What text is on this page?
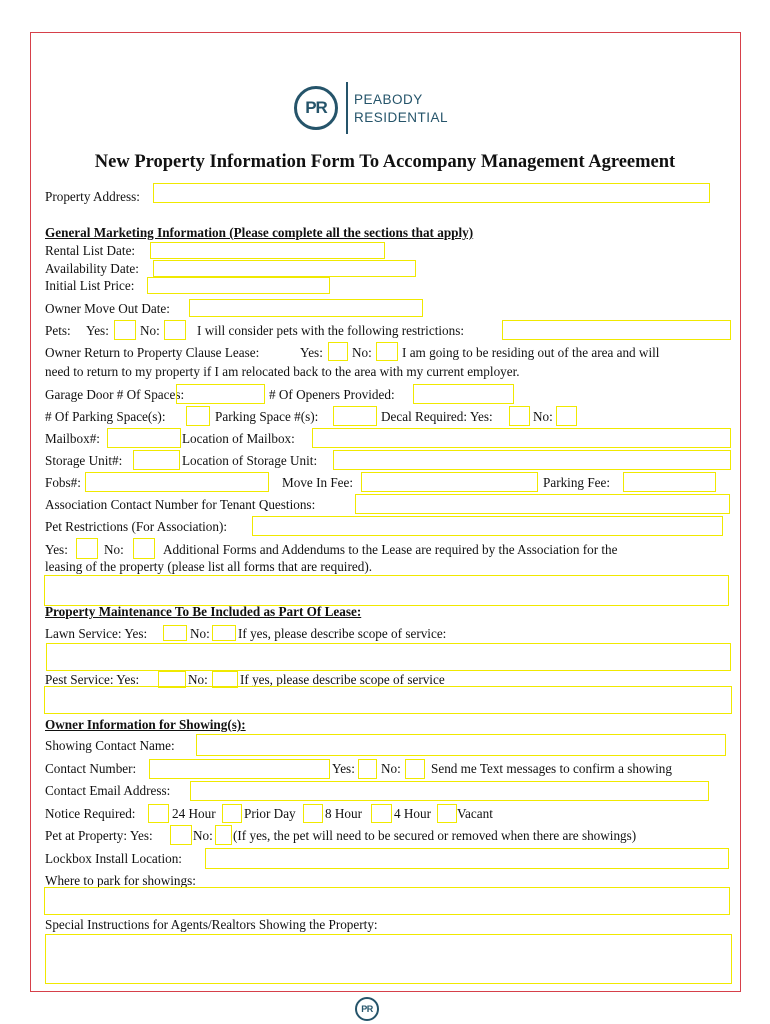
PR	PEABODY
RESIDENTIAL
New Property Information Form To Accompany Management Agreement
Property Address:
General Marketing Information (Please complete all the sections that apply)
Rental List Date:
Availability Date:
Initial List Price:
Owner Move Out Date:
Pets: Yes: No:	I will consider pets with the following restrictions:
Owner Return to Property Clause Lease:	Yes: No: I am going to be residing out of the area and will
need to return to my property if I am relocated back to the area with my current employer.
Garage Door # Of Spaces:	# Of Openers Provided:
# Of Parking Space(s):	Parking Space #(s):	Decal Required: Yes:	No:
Mailbox#:	Location of Mailbox:
Storage Unit#:	Location of Storage Unit:
Fobs#:	Move In Fee:	Parking Fee:
Association Contact Number for Tenant Questions:
Pet Restrictions (For Association):
Yes:	No:	Additional Forms and Addendums to the Lease are required by the Association for the
leasing of the property (please list all forms that are required).
Property Maintenance To Be Included as Part Of Lease:
Lawn Service: Yes:	No: If yes, please describe scope of service:
Pest Service: Yes:	No: If yes, please describe scope of service
Owner Information for Showing(s):
Showing Contact Name:
Contact Number:	Yes: No: Send me Text messages to confirm a showing
Contact Email Address:
Notice Required:	24 Hour Prior Day 8 Hour 4 Hour Vacant
Pet at Property: Yes:	No: (If yes, the pet will need to be secured or removed when there are showings)
Lockbox Install Location:
Where to park for showings:
Special Instructions for Agents/Realtors Showing the Property:
PR
